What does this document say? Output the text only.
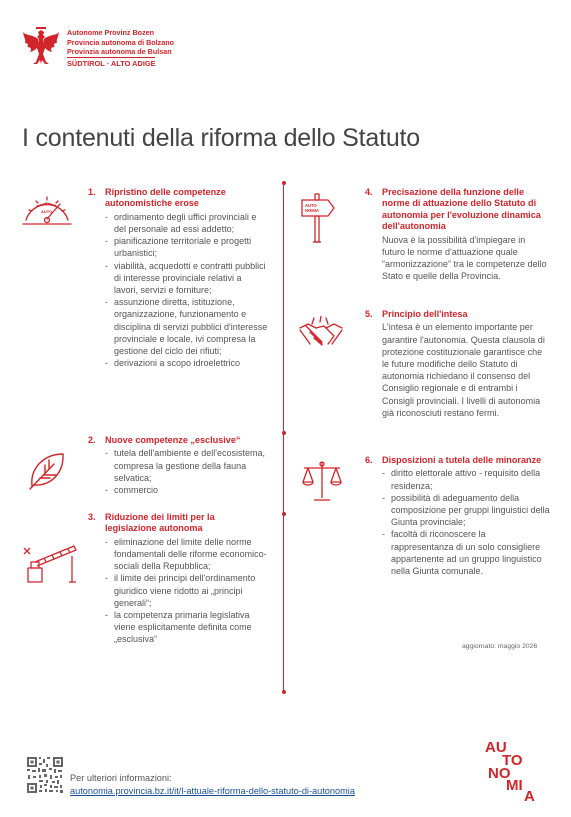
Autonome Provinz Bozen
Provincia autonoma di Bolzano
Provinzia autonoma de Bulsan
SÜDTIROL · ALTO ADIGE
I contenuti della riforma dello Statuto
AUTO
AUTO
NOMIA
1. Ripristino delle competenze autonomistiche erose
- ordinamento degli uffici provinciali e del personale ad essi addetto;
- pianificazione territoriale e progetti urbanistici;
- viabilità, acquedotti e contratti pubblici di interesse provinciale relativi a lavori, servizi e forniture;
- assunzione diretta, istituzione, organizzazione, funzionamento e disciplina di servizi pubblici d'interesse provinciale e locale, ivi compresa la gestione del ciclo dei rifiuti;
- derivazioni a scopo idroelettrico
2. Nuove competenze „esclusive“
- tutela dell'ambiente e dell'ecosistema, compresa la gestione della fauna selvatica;
- commercio
3. Riduzione dei limiti per la legislazione autonoma
- eliminazione del limite delle norme fondamentali delle riforme economico-sociali della Repubblica;
- il limite dei principi dell'ordinamento giuridico viene ridotto ai „principi generali“;
- la competenza primaria legislativa viene esplicitamente definita come „esclusiva“
4. Precisazione della funzione delle norme di attuazione dello Statuto di autonomia per l'evoluzione dinamica dell'autonomia
Nuova è la possibilità d'impiegare in futuro le norme d'attuazione quale “armonizzazione” tra le competenze dello Stato e quelle della Provincia.
5. Principio dell'intesa
L'intesa è un elemento importante per garantire l'autonomia. Questa clausola di protezione costituzionale garantisce che le future modifiche dello Statuto di autonomia richiedano il consenso del Consiglio regionale e di entrambi i Consigli provinciali. I livelli di autonomia già riconosciuti restano fermi.
6. Disposizioni a tutela delle minoranze
- diritto elettorale attivo - requisito della residenza;
- possibilità di adeguamento della composizione per gruppi linguistici della Giunta provinciale;
- facoltà di riconoscere la rappresentanza di un solo consigliere appartenente ad un gruppo linguistico nella Giunta comunale.
aggiornato: maggio 2026
Per ulteriori informazioni:
autonomia.provincia.bz.it/it/l-attuale-riforma-dello-statuto-di-autonomia
AU
TO
NO
MI
A
